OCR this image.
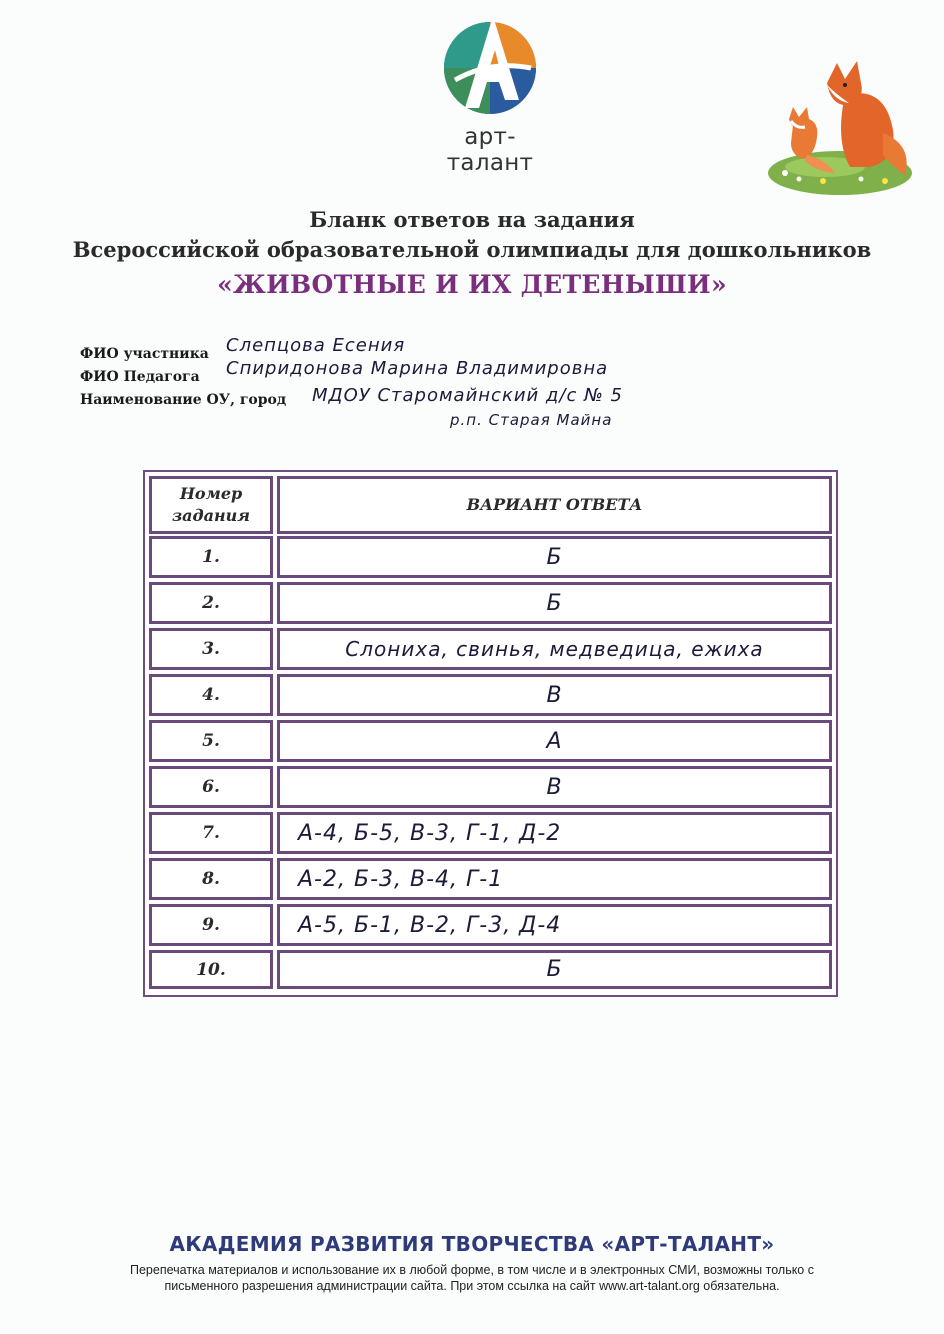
арт-талант
Бланк ответов на задания
Всероссийской образовательной олимпиады для дошкольников
«ЖИВОТНЫЕ И ИХ ДЕТЕНЫШИ»
ФИО участника Слепцова Есения
ФИО Педагога Спиридонова Марина Владимировна
Наименование ОУ, город МДОУ Старомайнский д/с № 5
р.п. Старая Майна
Номер задания
ВАРИАНТ ОТВЕТА
1.	Б
2.	Б
3.	Слониха, свинья, медведица, ежиха
4.	В
5.	А
6.	В
7.	А-4, Б-5, В-3, Г-1, Д-2
8.	А-2, Б-3, В-4, Г-1
9.	А-5, Б-1, В-2, Г-3, Д-4
10.	Б
АКАДЕМИЯ РАЗВИТИЯ ТВОРЧЕСТВА «АРТ-ТАЛАНТ»
Перепечатка материалов и использование их в любой форме, в том числе и в электронных СМИ, возможны только с
письменного разрешения администрации сайта. При этом ссылка на сайт www.art-talant.org обязательна.
